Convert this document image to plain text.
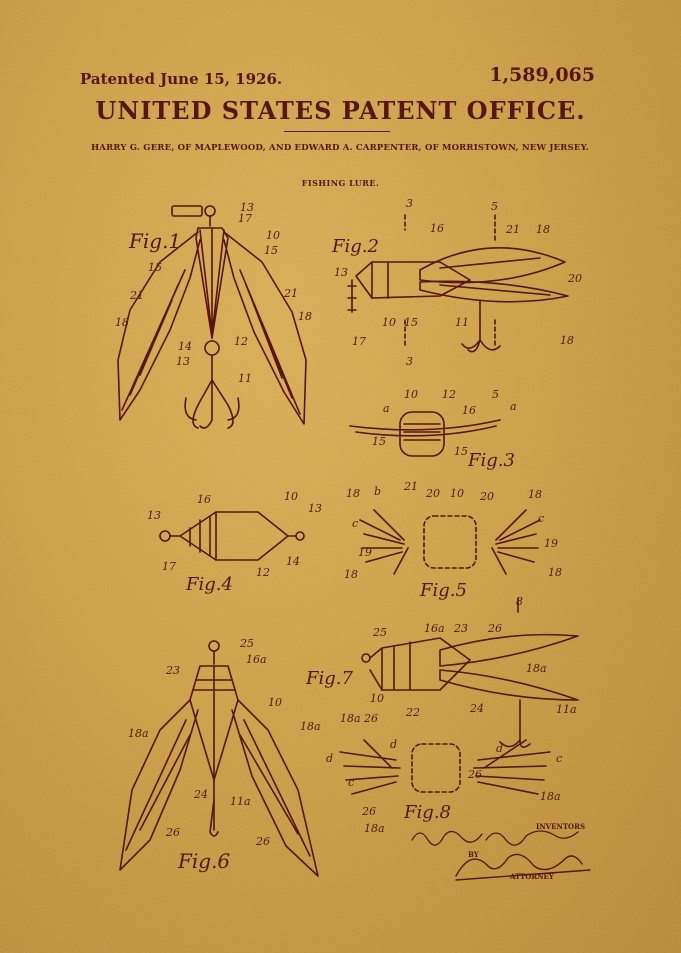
Patented June 15, 1926.	1,589,065
UNITED STATES PATENT OFFICE.
HARRY G. GERE, OF MAPLEWOOD, AND EDWARD A. CARPENTER, OF MORRISTOWN, NEW JERSEY.
FISHING LURE.
13
17
10
15
15
21	21
18	18
14	12
13
11
Fig.1
3	5
16	21 18
13	20
10 15	11
17
3
5
18
Fig.2
a
10 12
16	a
15
15 Fig.3
16	10
13
13
17	12
14
Fig.4
18 b 21
20 10 20	18
c	c
19
19
18	18
Fig.5
25
16a
23
10
18a
18a
24
11a
26
26
Fig.6
8
25	16a 23 26
18a
10
22	24	11a
Fig.7
18a 26
d
d
d
c
26
c
26
18a
18a
Fig.8
INVENTORS
BY
ATTORNEY
